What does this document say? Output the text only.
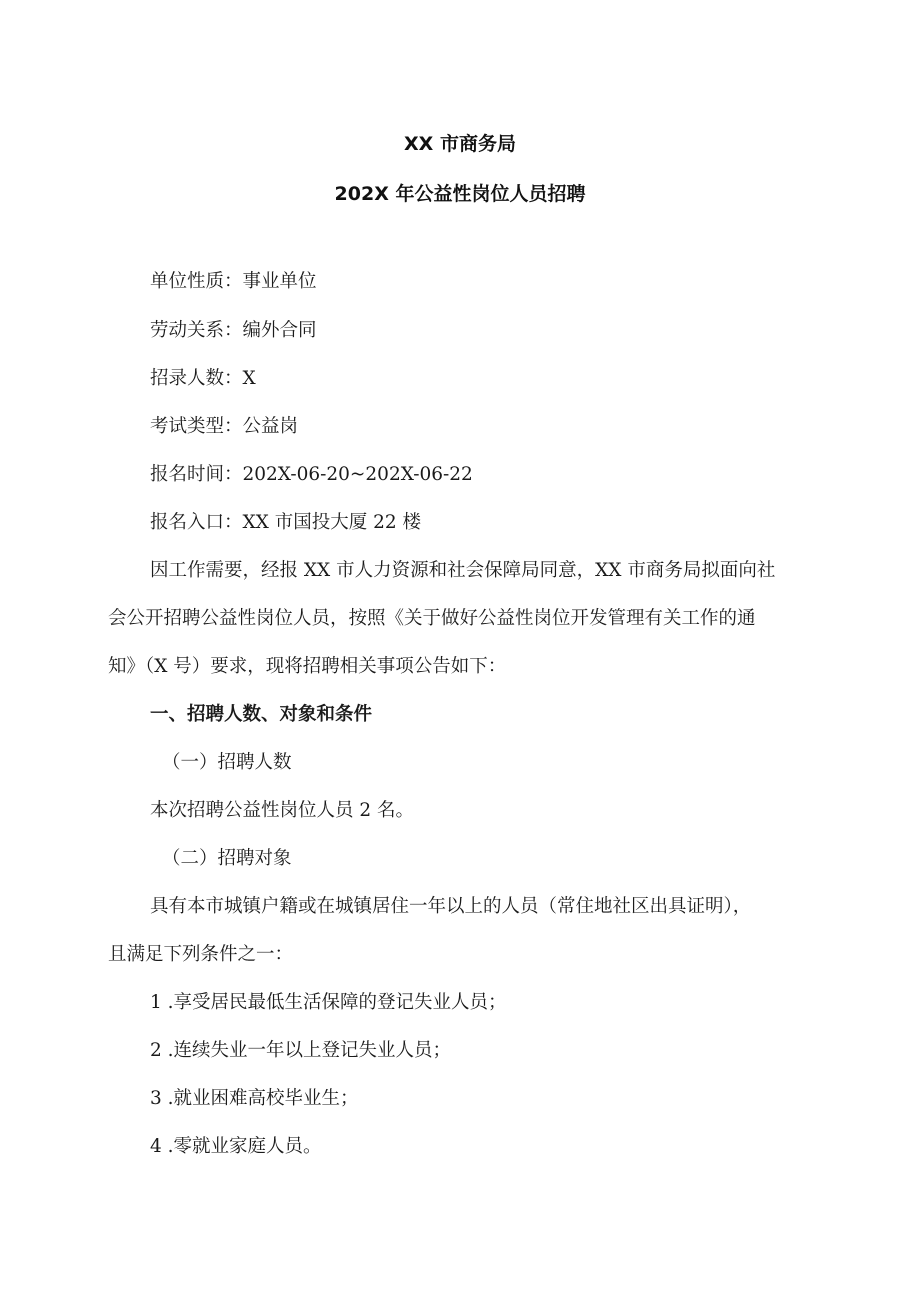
XX 市商务局
202X 年公益性岗位人员招聘
单位性质：事业单位
劳动关系：编外合同
招录人数：X
考试类型：公益岗
报名时间：202X-06-20~202X-06-22
报名入口：XX 市国投大厦 22 楼
因工作需要，经报 XX 市人力资源和社会保障局同意，XX 市商务局拟面向社
会公开招聘公益性岗位人员，按照《关于做好公益性岗位开发管理有关工作的通
知》（X 号）要求，现将招聘相关事项公告如下：
一、招聘人数、对象和条件
（一）招聘人数
本次招聘公益性岗位人员 2 名。
（二）招聘对象
具有本市城镇户籍或在城镇居住一年以上的人员（常住地社区出具证明），
且满足下列条件之一：
1 .享受居民最低生活保障的登记失业人员；
2 .连续失业一年以上登记失业人员；
3 .就业困难高校毕业生；
4 .零就业家庭人员。
